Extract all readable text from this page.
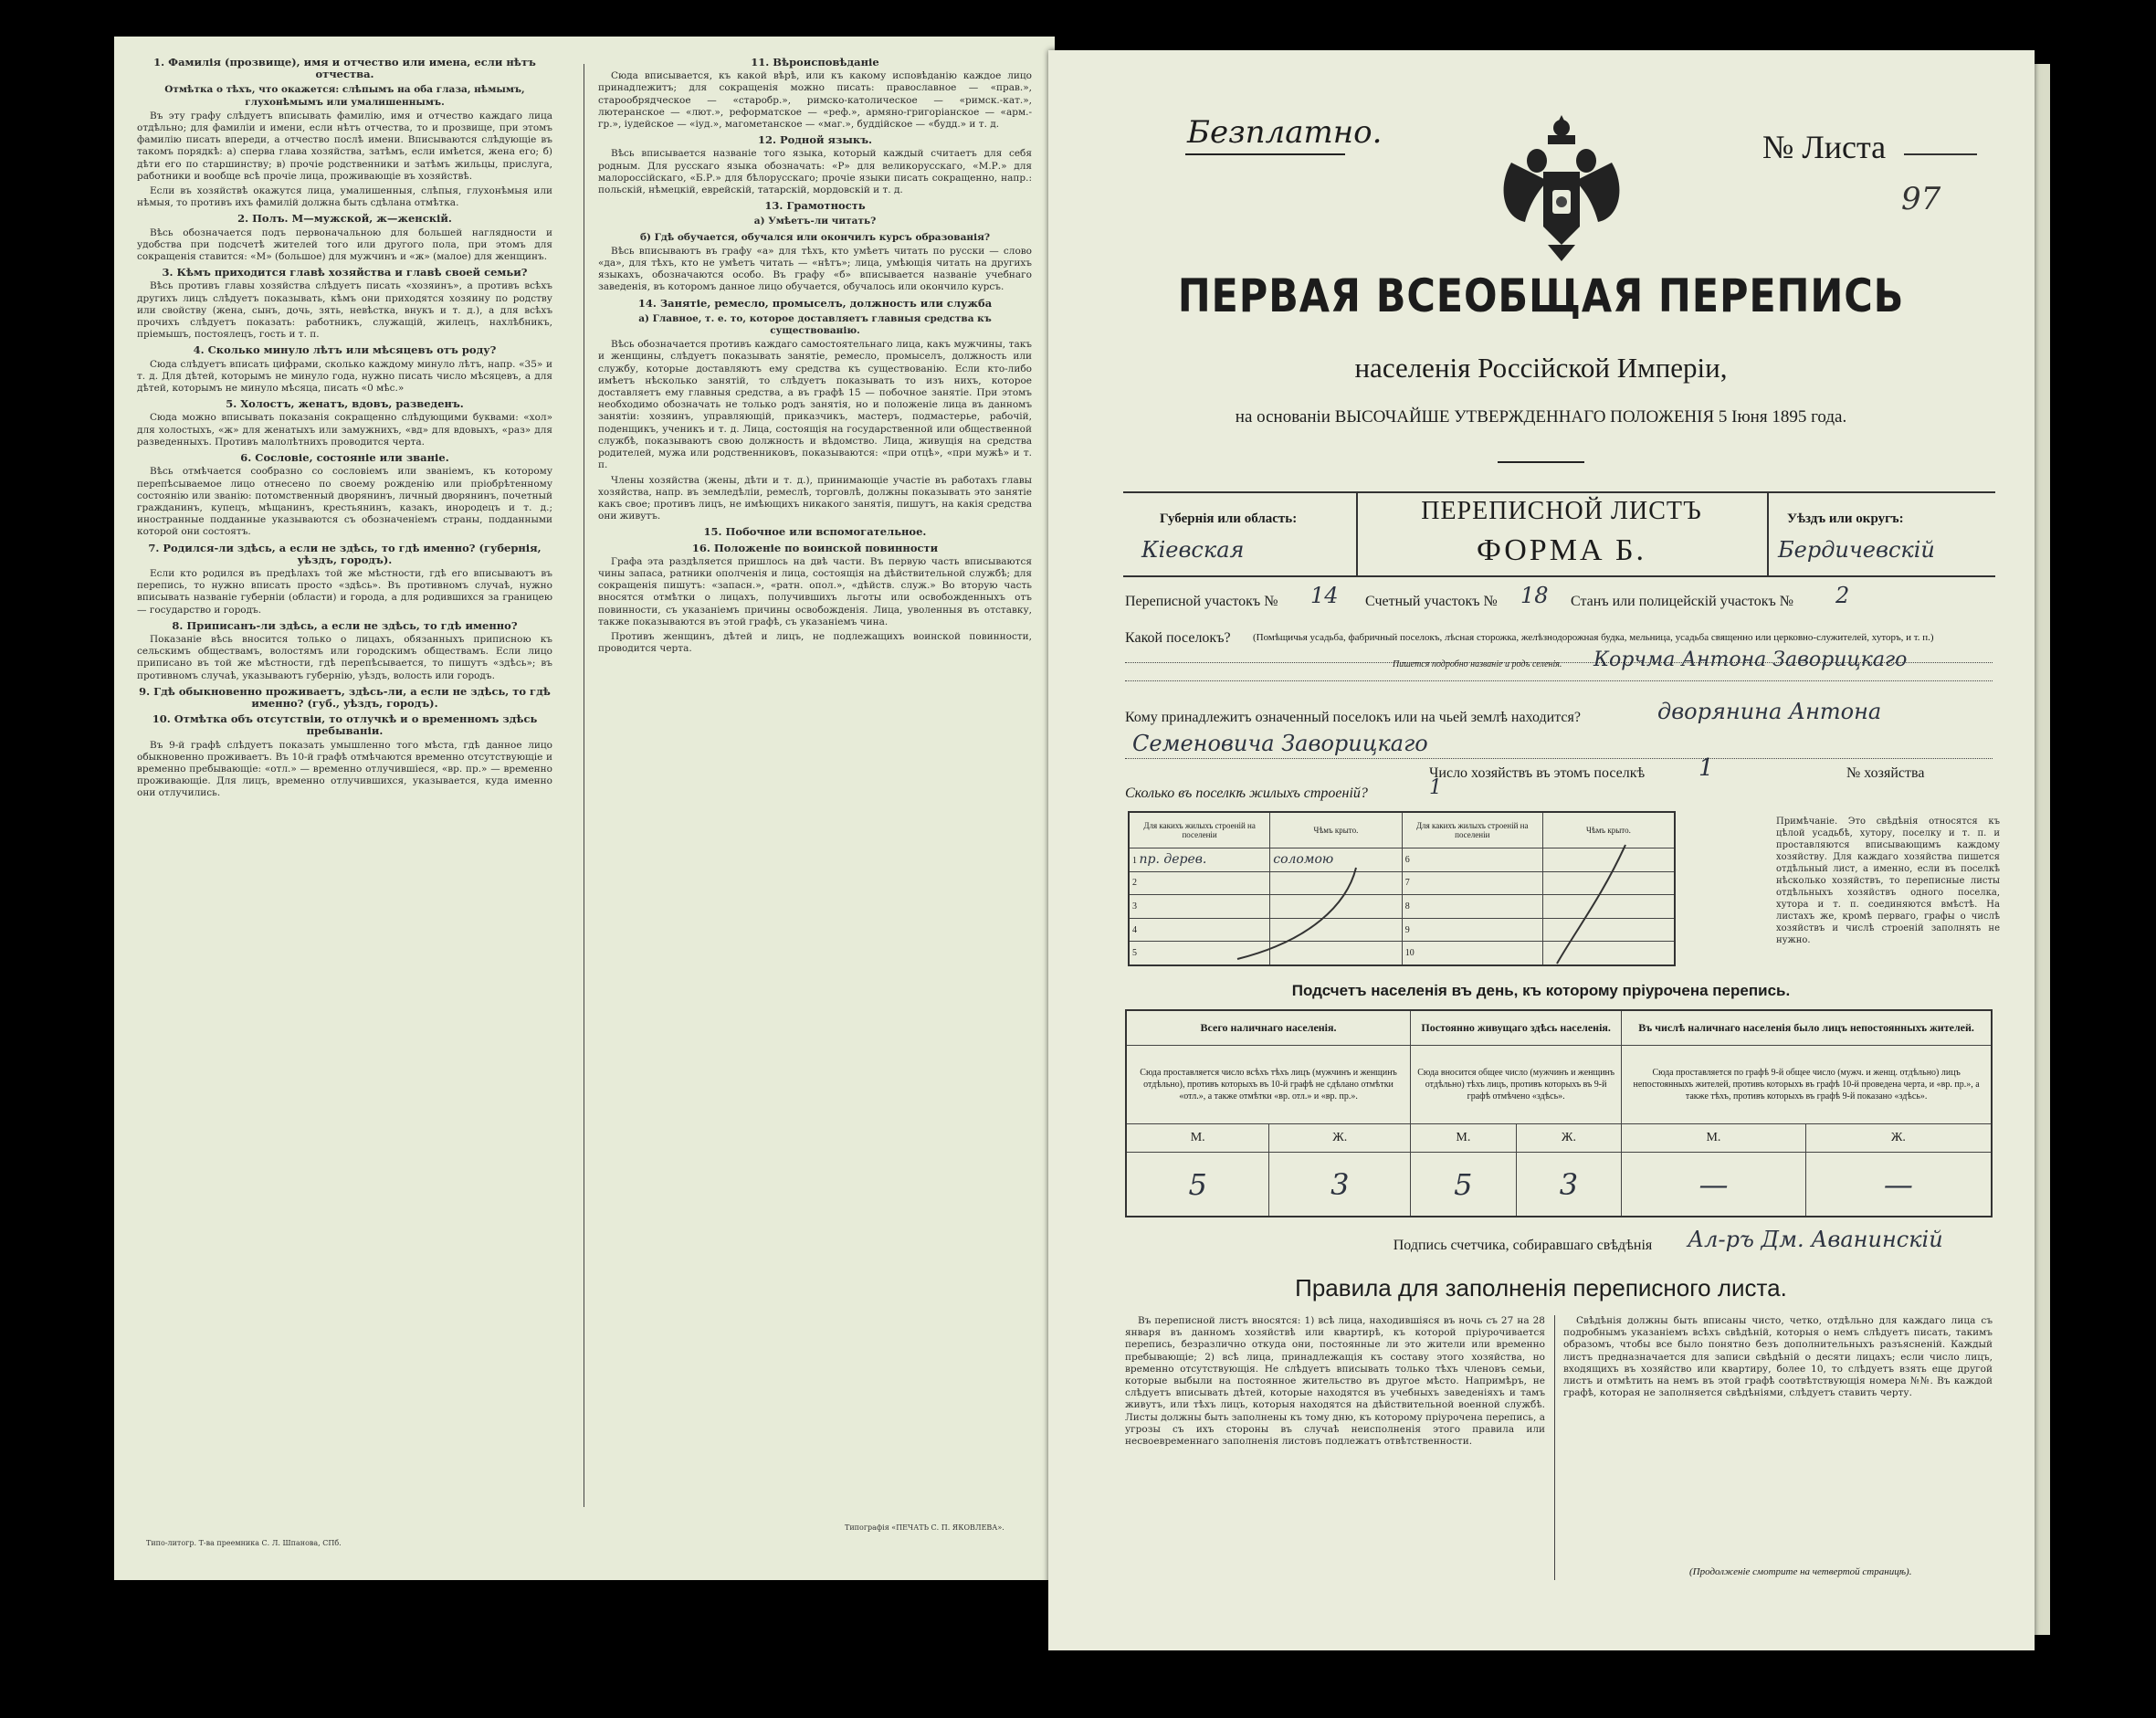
1. Фамилія (прозвище), имя и отчество или имена, если нѣтъ отчества.
Отмѣтка о тѣхъ, что окажется: слѣпымъ на оба глаза, нѣмымъ, глухонѣмымъ или умалишеннымъ.

Въ эту графу слѣдуетъ вписывать фамилію, имя и отчество каждаго лица отдѣльно; для фамиліи и имени, если нѣтъ отчества, то и прозвище, при этомъ фамилію писать впереди, а отчество послѣ имени. Вписываются слѣдующіе въ такомъ порядкѣ: а) сперва глава хозяйства, затѣмъ, если имѣется, жена его; б) дѣти его по старшинству; в) прочіе родственники и затѣмъ жильцы, прислуга, работники и вообще всѣ прочіе лица, проживающіе въ хозяйствѣ.

Если въ хозяйствѣ окажутся лица, умалишенныя, слѣпыя, глухонѣмыя или нѣмыя, то противъ ихъ фамилій должна быть сдѣлана отмѣтка.

2. Полъ. М—мужской, ж—женскій.

Вѣсь обозначается подъ первоначальною для большей наглядности и удобства при подсчетѣ жителей того или другого пола, при этомъ для сокращенія ставится: «М» (большое) для мужчинъ и «ж» (малое) для женщинъ.

3. Кѣмъ приходится главѣ хозяйства и главѣ своей семьи?

Вѣсь противъ главы хозяйства слѣдуетъ писать «хозяинъ», а противъ всѣхъ другихъ лицъ слѣдуетъ показывать, кѣмъ они приходятся хозяину по родству или свойству (жена, сынъ, дочь, зять, невѣстка, внукъ и т. д.), а для всѣхъ прочихъ слѣдуетъ показать: работникъ, служащій, жилецъ, нахлѣбникъ, пріемышъ, постоялецъ, гость и т. п.

4. Сколько минуло лѣтъ или мѣсяцевъ отъ роду?

Сюда слѣдуетъ вписать цифрами, сколько каждому минуло лѣтъ, напр. «35» и т. д. Для дѣтей, которымъ не минуло года, нужно писать число мѣсяцевъ, а для дѣтей, которымъ не минуло мѣсяца, писать «0 мѣс.»

5. Холостъ, женатъ, вдовъ, разведенъ.

Сюда можно вписывать показанія сокращенно слѣдующими буквами: «хол» для холостыхъ, «ж» для женатыхъ или замужнихъ, «вд» для вдовыхъ, «раз» для разведенныхъ. Противъ малолѣтнихъ проводится черта.

6. Сословіе, состояніе или званіе.

Вѣсь отмѣчается сообразно со сословіемъ или званіемъ, къ которому перепѣсываемое лицо отнесено по своему рожденію или пріобрѣтенному состоянію или званію: потомственный дворянинъ, личный дворянинъ, почетный гражданинъ, купецъ, мѣщанинъ, крестьянинъ, казакъ, инородецъ и т. д.; иностранные подданные указываются съ обозначеніемъ страны, подданными которой они состоятъ.

7. Родился-ли здѣсь, а если не здѣсь, то гдѣ именно? (губернія, уѣздъ, городъ).

Если кто родился въ предѣлахъ той же мѣстности, гдѣ его вписываютъ въ перепись, то нужно вписать просто «здѣсь». Въ противномъ случаѣ, нужно вписывать названіе губерніи (области) и города, а для родившихся за границею — государство и городъ.

8. Приписанъ-ли здѣсь, а если не здѣсь, то гдѣ именно?

Показаніе вѣсь вносится только о лицахъ, обязанныхъ приписною къ сельскимъ обществамъ, волостямъ или городскимъ обществамъ. Если лицо приписано въ той же мѣстности, гдѣ перепѣсывается, то пишутъ «здѣсь»; въ противномъ случаѣ, указываютъ губернію, уѣздъ, волость или городъ.

9. Гдѣ обыкновенно проживаетъ, здѣсь-ли, а если не здѣсь, то гдѣ именно? (губ., уѣздъ, городъ).
10. Отмѣтка объ отсутствіи, то отлучкѣ и о временномъ здѣсь пребываніи.

Въ 9-й графѣ слѣдуетъ показать умышленно того мѣста, гдѣ данное лицо обыкновенно проживаетъ. Въ 10-й графѣ отмѣчаются временно отсутствующіе и временно пребывающіе: «отл.» — временно отлучившіеся, «вр. пр.» — временно проживающіе. Для лицъ, временно отлучившихся, указывается, куда именно они отлучились.

11. Вѣроисповѣданіе

Сюда вписывается, къ какой вѣрѣ, или къ какому исповѣданію каждое лицо принадлежитъ; для сокращенія можно писать: православное — «прав.», старообрядческое — «старобр.», римско-католическое — «римск.-кат.», лютеранское — «лют.», реформатское — «реф.», армяно-григоріанское — «арм.-гр.», іудейское — «іуд.», магометанское — «маг.», буддійское — «будд.» и т. д.

12. Родной языкъ.

Вѣсь вписывается названіе того языка, который каждый считаетъ для себя родным. Для русскаго языка обозначать: «Р» для великорусскаго, «М.Р.» для малороссійскаго, «Б.Р.» для бѣлорусскаго; прочіе языки писать сокращенно, напр.: польскій, нѣмецкій, еврейскій, татарскій, мордовскій и т. д.

13. Грамотность
а) Умѣетъ-ли читать?
б) Гдѣ обучается, обучался или окончилъ курсъ образованія?

Вѣсь вписываютъ въ графу «а» для тѣхъ, кто умѣетъ читать по русски — слово «да», для тѣхъ, кто не умѣетъ читать — «нѣтъ»; лица, умѣющія читать на другихъ языкахъ, обозначаются особо. Въ графу «б» вписывается названіе учебнаго заведенія, въ которомъ данное лицо обучается, обучалось или окончило курсъ.

14. Занятіе, ремесло, промыселъ, должность или служба
а) Главное, т. е. то, которое доставляетъ главныя средства къ существованію.

Вѣсь обозначается противъ каждаго самостоятельнаго лица, какъ мужчины, такъ и женщины, слѣдуетъ показывать занятіе, ремесло, промыселъ, должность или службу, которые доставляютъ ему средства къ существованію. Если кто-либо имѣетъ нѣсколько занятій, то слѣдуетъ показывать то изъ нихъ, которое доставляетъ ему главныя средства, а въ графѣ 15 — побочное занятіе. При этомъ необходимо обозначать не только родъ занятія, но и положеніе лица въ данномъ занятіи: хозяинъ, управляющій, приказчикъ, мастеръ, подмастерье, рабочій, поденщикъ, ученикъ и т. д. Лица, состоящія на государственной или общественной службѣ, показываютъ свою должность и вѣдомство. Лица, живущія на средства родителей, мужа или родственниковъ, показываются: «при отцѣ», «при мужѣ» и т. п.

Члены хозяйства (жены, дѣти и т. д.), принимающіе участіе въ работахъ главы хозяйства, напр. въ земледѣліи, ремеслѣ, торговлѣ, должны показывать это занятіе какъ свое; противъ лицъ, не имѣющихъ никакого занятія, пишутъ, на какія средства они живутъ.

15. Побочное или вспомогательное.
16. Положеніе по воинской повинности

Графа эта раздѣляется пришлось на двѣ части. Въ первую часть вписываются чины запаса, ратники ополченія и лица, состоящія на дѣйствительной службѣ; для сокращенія пишутъ: «запасн.», «ратн. опол.», «дѣйств. служ.» Во вторую часть вносятся отмѣтки о лицахъ, получившихъ льготы или освобожденныхъ отъ повинности, съ указаніемъ причины освобожденія. Лица, уволенныя въ отставку, также показываются въ этой графѣ, съ указаніемъ чина.

Противъ женщинъ, дѣтей и лицъ, не подлежащихъ воинской повинности, проводится черта.

Типо-литогр. Т-ва преемника С. Л. Шпанова, СПб.
Типографія «ПЕЧАТЬ С. П. ЯКОВЛЕВА».
Безплатно.	№ Листа
97
ПЕРВАЯ ВСЕОБЩАЯ ПЕРЕПИСЬ
населенія Россійской Имперіи,
на основаніи ВЫСОЧАЙШЕ УТВЕРЖДЕННАГО ПОЛОЖЕНІЯ 5 Іюня 1895 года.
Губернія или область:
Кіевская
ПЕРЕПИСНОЙ ЛИСТЪ
ФОРМА Б.
Уѣздъ или округъ:
Бердичевскій
Переписной участокъ № 14 Счетный участокъ № 18 Станъ или полицейскій участокъ № 2
Какой поселокъ? (Помѣщичья усадьба, фабричный поселокъ, лѣсная сторожка, желѣзнодорожная будка, мельница, усадьба священно или церковно-служителей, хуторъ, и т. п.)
Пишется подробно названіе и родъ селенія. Корчма Антона Заворицкаго
Кому принадлежитъ означенный поселокъ или на чьей землѣ находится?	дворянина Антона
Семеновича Заворицкаго
Число хозяйствъ въ этомъ поселкѣ 1	№ хозяйства
Сколько въ поселкѣ жилыхъ строеній?	1
Для какихъ жилыхъ строеній на поселеніи	Чѣмъ крыто.	Для какихъ жилыхъ строеній на поселеніи	Чѣмъ крыто.
1 пр. дерев.	соломою	6	
2		7	
3		8	
4		9	
5		10	
Примѣчаніе. Это свѣдѣнія относятся къ цѣлой усадьбѣ, хутору, поселку и т. п. и проставляются вписывающимъ каждому хозяйству. Для каждаго хозяйства пишется отдѣльный лист, а именно, если въ поселкѣ нѣсколько хозяйствъ, то переписные листы отдѣльныхъ хозяйствъ одного поселка, хутора и т. п. соединяются вмѣстѣ. На листахъ же, кромѣ перваго, графы о числѣ хозяйствъ и числѣ строеній заполнять не нужно.
Подсчетъ населенія въ день, къ которому пріурочена перепись.
Всего наличнаго населенія.		Постоянно живущаго здѣсь населенія.		Въ числѣ наличнаго населенія было лицъ непостоянныхъ жителей.	
Сюда проставляется число всѣхъ тѣхъ лицъ (мужчинъ и женщинъ отдѣльно), противъ которыхъ въ 10-й графѣ не сдѣлано отмѣтки «отл.», а также отмѣтки «вр. отл.» и «вр. пр.».		Сюда вносится общее число (мужчинъ и женщинъ отдѣльно) тѣхъ лицъ, противъ которыхъ въ 9-й графѣ отмѣчено «здѣсь».		Сюда проставляется по графѣ 9-й общее число (мужч. и женщ. отдѣльно) лицъ непостоянныхъ жителей, противъ которыхъ въ графѣ 10-й проведена черта, и «вр. пр.», а также тѣхъ, противъ которыхъ въ графѣ 9-й показано «здѣсь».	
М.	Ж.	М.	Ж.	М.	Ж.
5	3	5	3	—	—
Подпись счетчика, собиравшаго свѣдѣнія	Ал-ръ Дм. Аванинскій
Правила для заполненія переписного листа.

Въ переписной листъ вносятся: 1) всѣ лица, находившіяся въ ночь съ 27 на 28 января въ данномъ хозяйствѣ или квартирѣ, къ которой пріурочивается перепись, безразлично откуда они, постоянные ли это жители или временно пребывающіе; 2) всѣ лица, принадлежащія къ составу этого хозяйства, но временно отсутствующія. Не слѣдуетъ вписывать только тѣхъ членовъ семьи, которые выбыли на постоянное жительство въ другое мѣсто. Напримѣръ, не слѣдуетъ вписывать дѣтей, которые находятся въ учебныхъ заведеніяхъ и тамъ живутъ, или тѣхъ лицъ, которыя находятся на дѣйствительной военной службѣ. Листы должны быть заполнены къ тому дню, къ которому пріурочена перепись, а угрозы съ ихъ стороны въ случаѣ неисполненія этого правила или несвоевременнаго заполненія листовъ подлежатъ отвѣтственности.

Свѣдѣнія должны быть вписаны чисто, четко, отдѣльно для каждаго лица съ подробнымъ указаніемъ всѣхъ свѣдѣній, которыя о немъ слѣдуетъ писать, такимъ образомъ, чтобы все было понятно безъ дополнительныхъ разъясненій. Каждый листъ предназначается для записи свѣдѣній о десяти лицахъ; если число лицъ, входящихъ въ хозяйство или квартиру, более 10, то слѣдуетъ взять еще другой листъ и отмѣтить на немъ въ этой графѣ соотвѣтствующія номера №№. Въ каждой графѣ, которая не заполняется свѣдѣніями, слѣдуетъ ставить черту.

(Продолженіе смотрите на четвертой страницѣ).
